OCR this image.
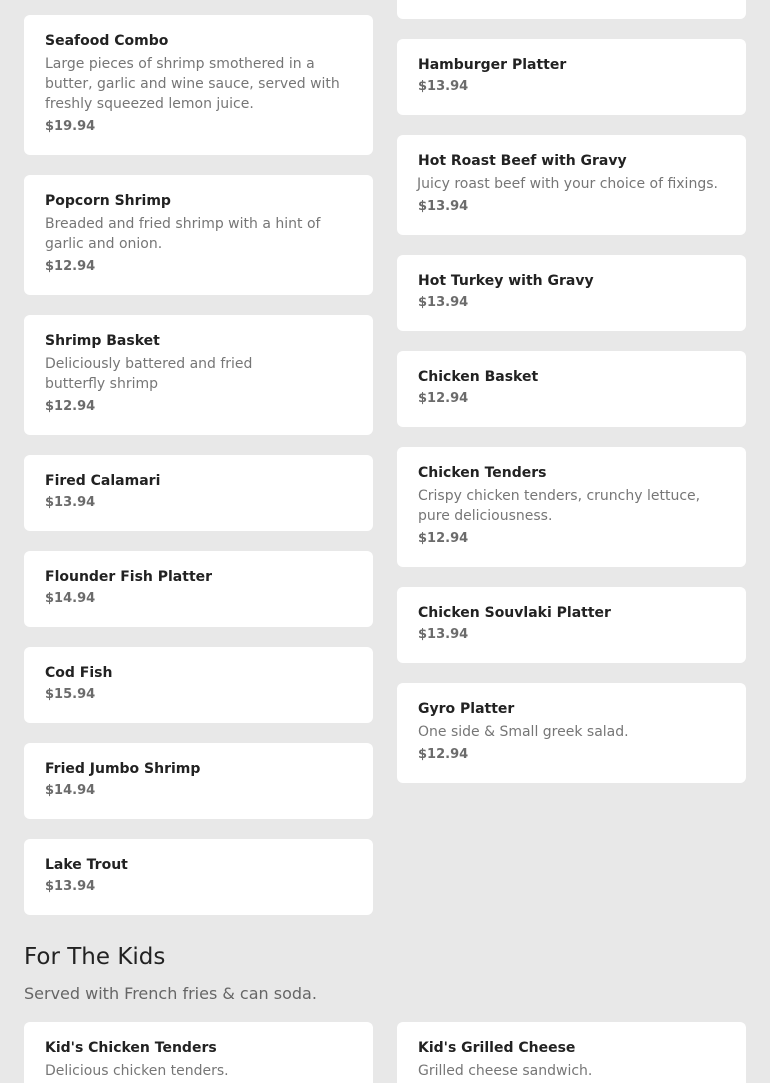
Seafood Combo
Large pieces of shrimp smothered in a butter, garlic and wine sauce, served with freshly squeezed lemon juice.
$19.94
Popcorn Shrimp
Breaded and fried shrimp with a hint of garlic and onion.
$12.94
Shrimp Basket
Deliciously battered and fried butterfly shrimp
$12.94
Fired Calamari
$13.94
Flounder Fish Platter
$14.94
Cod Fish
$15.94
Fried Jumbo Shrimp
$14.94
Lake Trout
$13.94
Hamburger Platter
$13.94
Hot Roast Beef with Gravy
Juicy roast beef with your choice of fixings.
$13.94
Hot Turkey with Gravy
$13.94
Chicken Basket
$12.94
Chicken Tenders
Crispy chicken tenders, crunchy lettuce, pure deliciousness.
$12.94
Chicken Souvlaki Platter
$13.94
Gyro Platter
One side & Small greek salad.
$12.94
For The Kids

Served with French fries & can soda.

Kid's Chicken Tenders
Delicious chicken tenders.
Kid's Grilled Cheese
Grilled cheese sandwich.
